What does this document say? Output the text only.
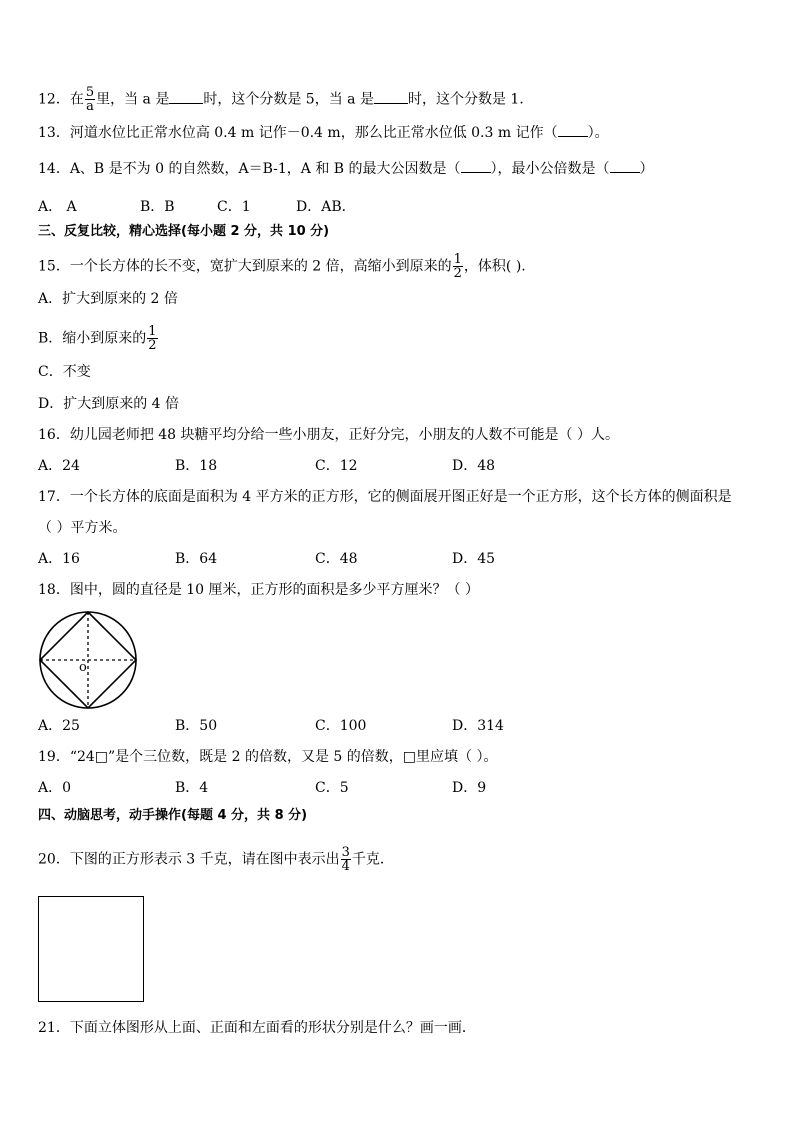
12．在 $\frac{5}{a}$ 里，当 a 是 时，这个分数是 5，当 a 是 时，这个分数是 1．
13．河道水位比正常水位高 0.4 m 记作－0.4 m，那么比正常水位低 0.3 m 记作（ ）。
14．A、B 是不为 0 的自然数，A＝B-1，A 和 B 的最大公因数是（ ），最小公倍数是（ ）
A． A	B．B	C．1	D．AB．
三、反复比较，精心选择(每小题 2 分，共 10 分)
15．一个长方体的长不变，宽扩大到原来的 2 倍，高缩小到原来的 $\frac{1}{2}$ ，体积( ).
A．扩大到原来的 2 倍
B．缩小到原来的 $\frac{1}{2}$
C．不变
D．扩大到原来的 4 倍
16．幼儿园老师把 48 块糖平均分给一些小朋友，正好分完，小朋友的人数不可能是（ ）人。
A．24	B．18	C．12	D．48
17．一个长方体的底面是面积为 4 平方米的正方形，它的侧面展开图正好是一个正方形，这个长方体的侧面积是
（ ）平方米。
A．16	B．64	C．48	D．45
18．图中，圆的直径是 10 厘米，正方形的面积是多少平方厘米？（ ）
o
A．25	B．50	C．100	D．314
19．“24□”是个三位数，既是 2 的倍数，又是 5 的倍数，□里应填（ ）。
A．0	B．4	C．5	D．9
四、动脑思考，动手操作(每题 4 分，共 8 分)
20．下图的正方形表示 3 千克，请在图中表示出 $\frac{3}{4}$ 千克．
21．下面立体图形从上面、正面和左面看的形状分别是什么？画一画．
